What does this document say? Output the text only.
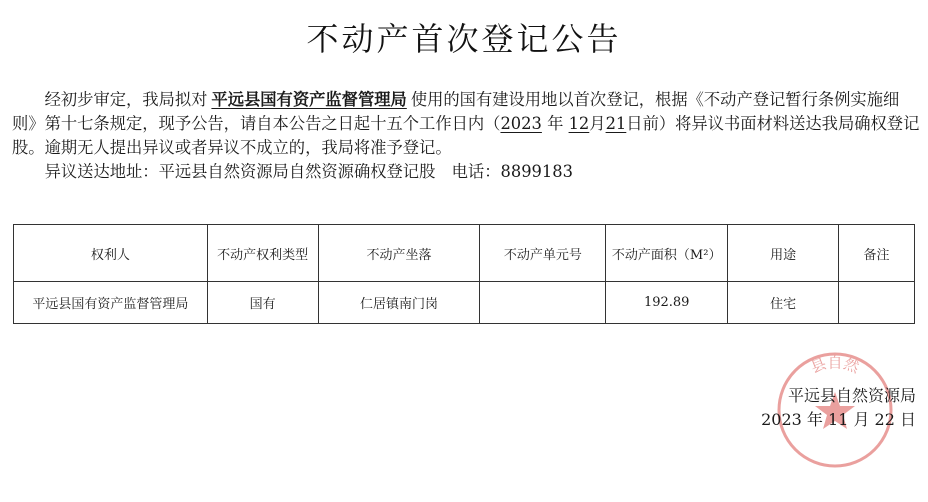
不动产首次登记公告

经初步审定，我局拟对 平远县国有资产监督管理局 使用的国有建设用地以首次登记，根据《不动产登记暂行条例实施细则》第十七条规定，现予公告，请自本公告之日起十五个工作日内（2023 年 12月21日前）将异议书面材料送达我局确权登记股。逾期无人提出异议或者异议不成立的，我局将准予登记。

异议送达地址：平远县自然资源局自然资源确权登记股　电话：8899183

权利人	不动产权利类型	不动产坐落	不动产单元号	不动产面积（M²）	用途	备注
平远县国有资产监督管理局	国有	仁居镇南门岗		192.89	住宅	
县自然
平远县自然资源局
2023 年 11 月 22 日
